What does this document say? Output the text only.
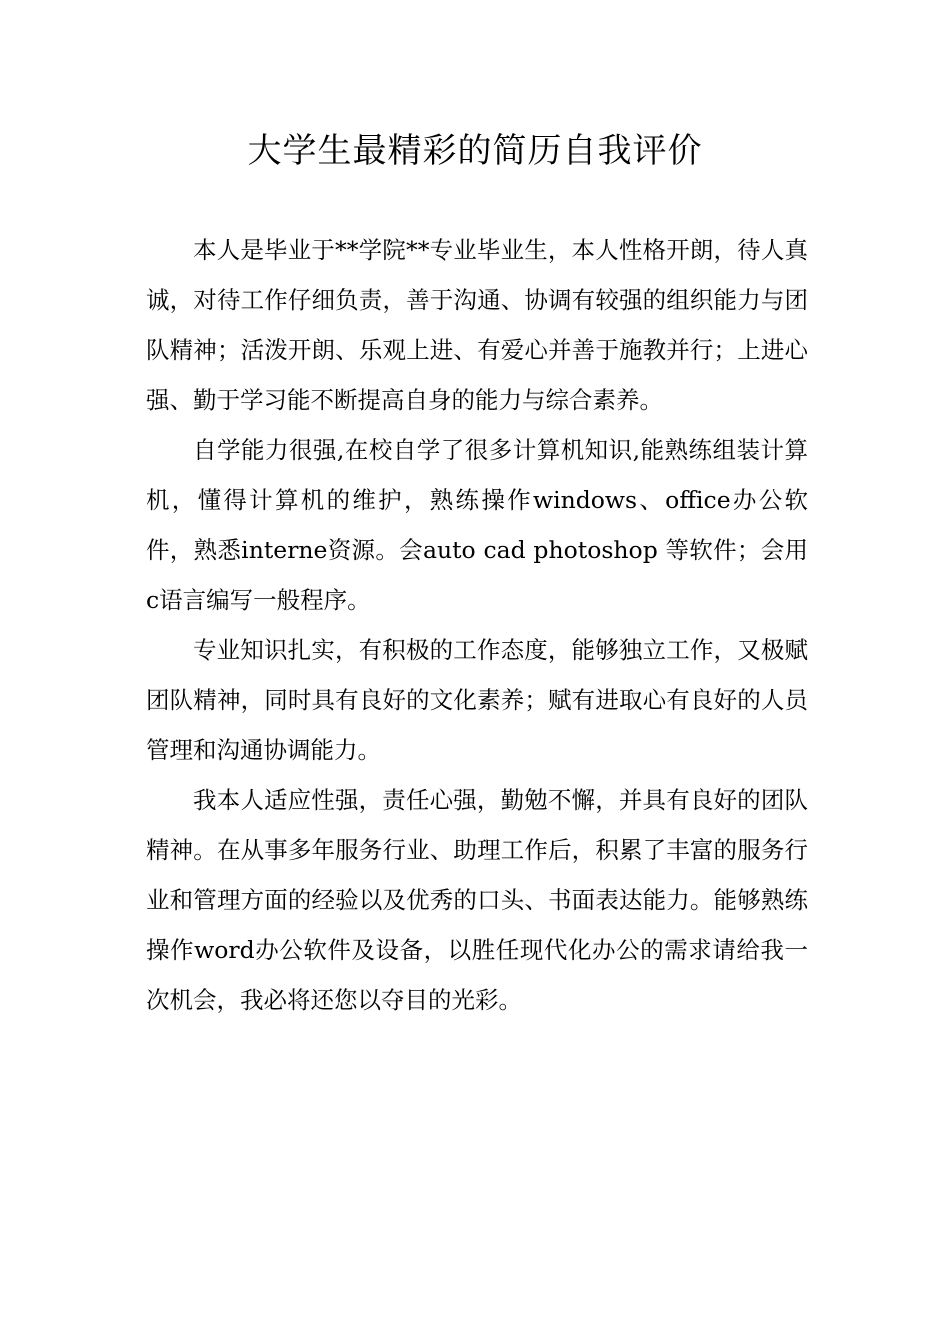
大学生最精彩的简历自我评价

本人是毕业于**学院**专业毕业生，本人性格开朗，待人真诚，对待工作仔细负责，善于沟通、协调有较强的组织能力与团队精神；活泼开朗、乐观上进、有爱心并善于施教并行；上进心强、勤于学习能不断提高自身的能力与综合素养。

自学能力很强,在校自学了很多计算机知识,能熟练组装计算机，懂得计算机的维护，熟练操作windows、office办公软件，熟悉interne资源。会auto cad photoshop 等软件；会用c语言编写一般程序。

专业知识扎实，有积极的工作态度，能够独立工作，又极赋团队精神，同时具有良好的文化素养；赋有进取心有良好的人员管理和沟通协调能力。

我本人适应性强，责任心强，勤勉不懈，并具有良好的团队精神。在从事多年服务行业、助理工作后，积累了丰富的服务行业和管理方面的经验以及优秀的口头、书面表达能力。能够熟练操作word办公软件及设备，以胜任现代化办公的需求请给我一次机会，我必将还您以夺目的光彩。
